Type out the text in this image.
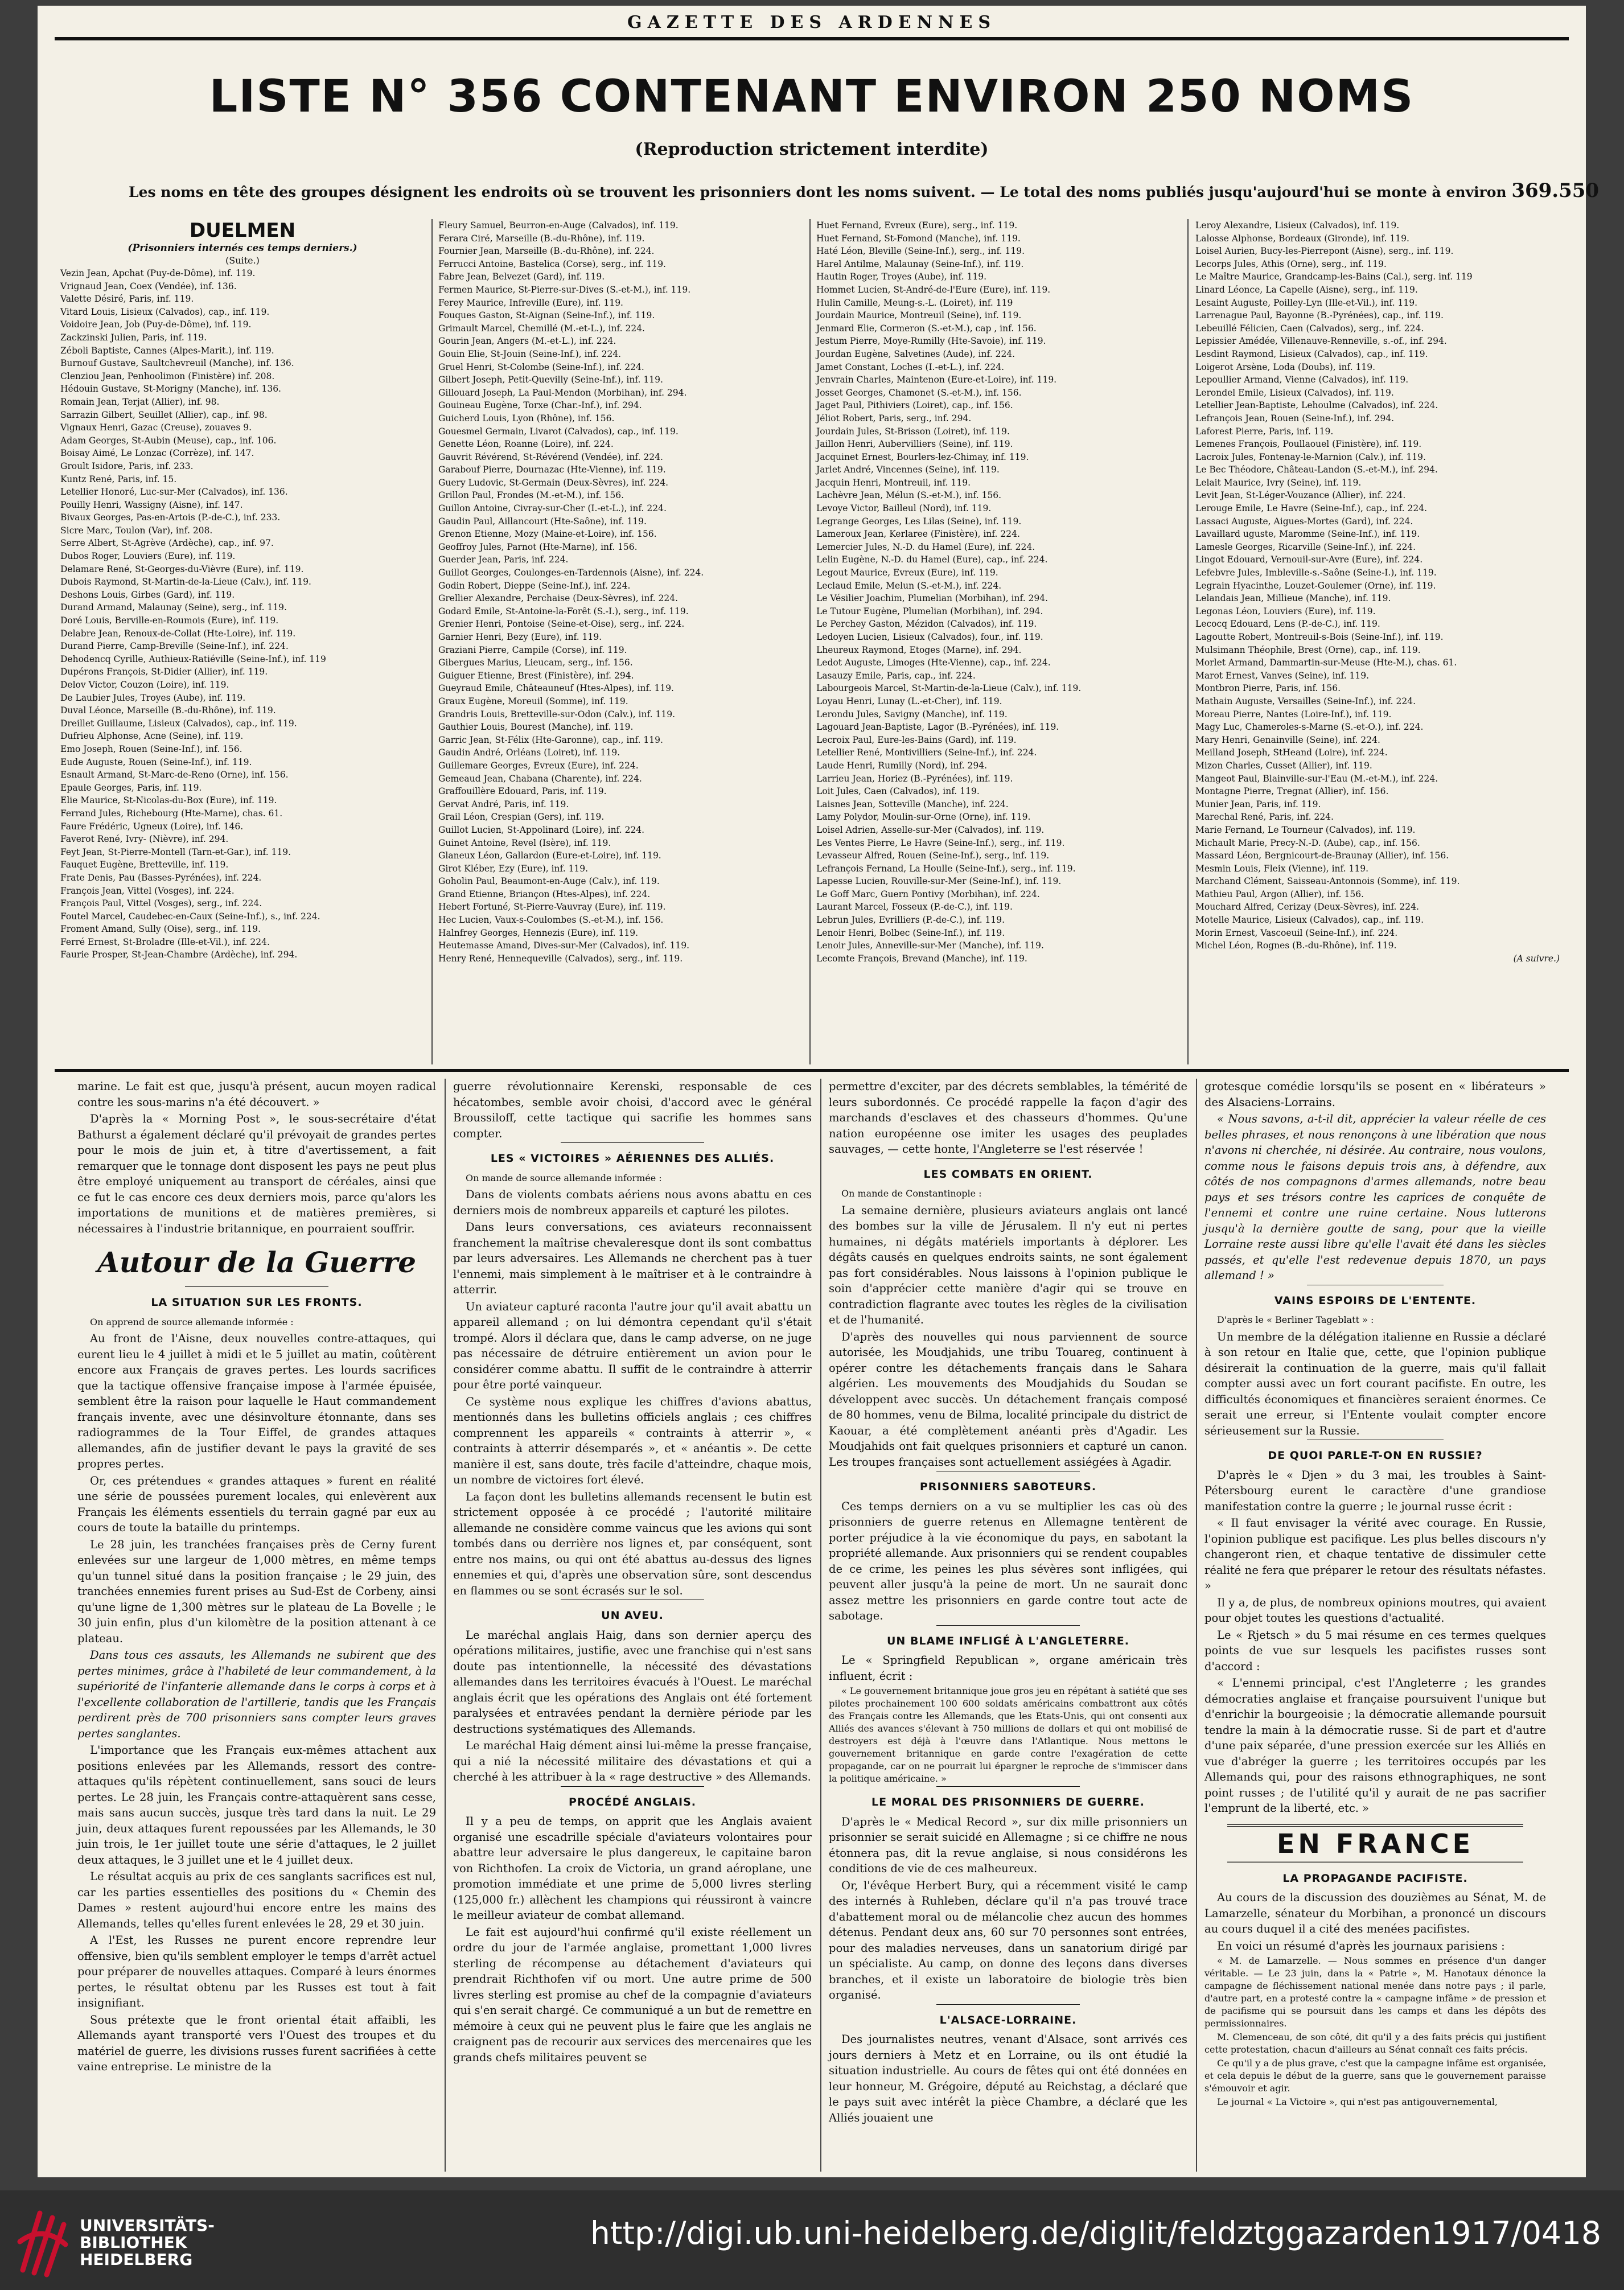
GAZETTE DES ARDENNES
LISTE N° 356 CONTENANT ENVIRON 250 NOMS
(Reproduction strictement interdite)
Les noms en tête des groupes désignent les endroits où se trouvent les prisonniers dont les noms suivent. — Le total des noms publiés jusqu'aujourd'hui se monte à environ 369.550
DUELMEN
(Prisonniers internés ces temps derniers.)
(Suite.)
Vezin Jean, Apchat (Puy-de-Dôme), inf. 119.
Vrignaud Jean, Coex (Vendée), inf. 136.
Valette Désiré, Paris, inf. 119.
Vitard Louis, Lisieux (Calvados), cap., inf. 119.
Voidoire Jean, Job (Puy-de-Dôme), inf. 119.
Zackzinski Julien, Paris, inf. 119.
Zéboli Baptiste, Cannes (Alpes-Marit.), inf. 119.
Burnouf Gustave, Saultchevreuil (Manche), inf. 136.
Clenziou Jean, Penhoolimon (Finistère) inf. 208.
Hédouin Gustave, St-Morigny (Manche), inf. 136.
Romain Jean, Terjat (Allier), inf. 98.
Sarrazin Gilbert, Seuillet (Allier), cap., inf. 98.
Vignaux Henri, Gazac (Creuse), zouaves 9.
Adam Georges, St-Aubin (Meuse), cap., inf. 106.
Boisay Aimé, Le Lonzac (Corrèze), inf. 147.
Groult Isidore, Paris, inf. 233.
Kuntz René, Paris, inf. 15.
Letellier Honoré, Luc-sur-Mer (Calvados), inf. 136.
Pouilly Henri, Wassigny (Aisne), inf. 147.
Bivaux Georges, Pas-en-Artois (P.-de-C.), inf. 233.
Sicre Marc, Toulon (Var), inf. 208.
Serre Albert, St-Agrève (Ardèche), cap., inf. 97.
Dubos Roger, Louviers (Eure), inf. 119.
Delamare René, St-Georges-du-Vièvre (Eure), inf. 119.
Dubois Raymond, St-Martin-de-la-Lieue (Calv.), inf. 119.
Deshons Louis, Girbes (Gard), inf. 119.
Durand Armand, Malaunay (Seine), serg., inf. 119.
Doré Louis, Berville-en-Roumois (Eure), inf. 119.
Delabre Jean, Renoux-de-Collat (Hte-Loire), inf. 119.
Durand Pierre, Camp-Breville (Seine-Inf.), inf. 224.
Dehodencq Cyrille, Authieux-Ratiéville (Seine-Inf.), inf. 119
Dupérons François, St-Didier (Allier), inf. 119.
Delov Victor, Couzon (Loire), inf. 119.
De Laubier Jules, Troyes (Aube), inf. 119.
Duval Léonce, Marseille (B.-du-Rhône), inf. 119.
Dreillet Guillaume, Lisieux (Calvados), cap., inf. 119.
Dufrieu Alphonse, Acne (Seine), inf. 119.
Emo Joseph, Rouen (Seine-Inf.), inf. 156.
Eude Auguste, Rouen (Seine-Inf.), inf. 119.
Esnault Armand, St-Marc-de-Reno (Orne), inf. 156.
Epaule Georges, Paris, inf. 119.
Elie Maurice, St-Nicolas-du-Box (Eure), inf. 119.
Ferrand Jules, Richebourg (Hte-Marne), chas. 61.
Faure Frédéric, Ugneux (Loire), inf. 146.
Faverot René, Ivry- (Nièvre), inf. 294.
Feyt Jean, St-Pierre-Montell (Tarn-et-Gar.), inf. 119.
Fauquet Eugène, Bretteville, inf. 119.
Frate Denis, Pau (Basses-Pyrénées), inf. 224.
François Jean, Vittel (Vosges), inf. 224.
François Paul, Vittel (Vosges), serg., inf. 224.
Foutel Marcel, Caudebec-en-Caux (Seine-Inf.), s., inf. 224.
Froment Amand, Sully (Oise), serg., inf. 119.
Ferré Ernest, St-Broladre (Ille-et-Vil.), inf. 224.
Faurie Prosper, St-Jean-Chambre (Ardèche), inf. 294.
Fleury Samuel, Beurron-en-Auge (Calvados), inf. 119.
Ferara Ciré, Marseille (B.-du-Rhône), inf. 119.
Fournier Jean, Marseille (B.-du-Rhône), inf. 224.
Ferrucci Antoine, Bastelica (Corse), serg., inf. 119.
Fabre Jean, Belvezet (Gard), inf. 119.
Fermen Maurice, St-Pierre-sur-Dives (S.-et-M.), inf. 119.
Ferey Maurice, Infreville (Eure), inf. 119.
Fouques Gaston, St-Aignan (Seine-Inf.), inf. 119.
Grimault Marcel, Chemillé (M.-et-L.), inf. 224.
Gourin Jean, Angers (M.-et-L.), inf. 224.
Gouin Elie, St-Jouin (Seine-Inf.), inf. 224.
Gruel Henri, St-Colombe (Seine-Inf.), inf. 224.
Gilbert Joseph, Petit-Quevilly (Seine-Inf.), inf. 119.
Gillouard Joseph, La Paul-Mendon (Morbihan), inf. 294.
Gouineau Eugène, Torxe (Char.-Inf.), inf. 294.
Guicherd Louis, Lyon (Rhône), inf. 156.
Gouesmel Germain, Livarot (Calvados), cap., inf. 119.
Genette Léon, Roanne (Loire), inf. 224.
Gauvrit Révérend, St-Révérend (Vendée), inf. 224.
Garabouf Pierre, Dournazac (Hte-Vienne), inf. 119.
Guery Ludovic, St-Germain (Deux-Sèvres), inf. 224.
Grillon Paul, Frondes (M.-et-M.), inf. 156.
Guillon Antoine, Civray-sur-Cher (I.-et-L.), inf. 224.
Gaudin Paul, Aillancourt (Hte-Saône), inf. 119.
Grenon Etienne, Mozy (Maine-et-Loire), inf. 156.
Geoffroy Jules, Parnot (Hte-Marne), inf. 156.
Guerder Jean, Paris, inf. 224.
Guillot Georges, Coulonges-en-Tardennois (Aisne), inf. 224.
Godin Robert, Dieppe (Seine-Inf.), inf. 224.
Grellier Alexandre, Perchaise (Deux-Sèvres), inf. 224.
Godard Emile, St-Antoine-la-Forêt (S.-I.), serg., inf. 119.
Grenier Henri, Pontoise (Seine-et-Oise), serg., inf. 224.
Garnier Henri, Bezy (Eure), inf. 119.
Graziani Pierre, Campile (Corse), inf. 119.
Gibergues Marius, Lieucam, serg., inf. 156.
Guiguer Etienne, Brest (Finistère), inf. 294.
Gueyraud Emile, Châteauneuf (Htes-Alpes), inf. 119.
Graux Eugène, Moreuil (Somme), inf. 119.
Grandris Louis, Bretteville-sur-Odon (Calv.), inf. 119.
Gauthier Louis, Bourest (Manche), inf. 119.
Garric Jean, St-Félix (Hte-Garonne), cap., inf. 119.
Gaudin André, Orléans (Loiret), inf. 119.
Guillemare Georges, Evreux (Eure), inf. 224.
Gemeaud Jean, Chabana (Charente), inf. 224.
Graffouillère Edouard, Paris, inf. 119.
Gervat André, Paris, inf. 119.
Grail Léon, Crespian (Gers), inf. 119.
Guillot Lucien, St-Appolinard (Loire), inf. 224.
Guinet Antoine, Revel (Isère), inf. 119.
Glaneux Léon, Gallardon (Eure-et-Loire), inf. 119.
Girot Kléber, Ezy (Eure), inf. 119.
Goholin Paul, Beaumont-en-Auge (Calv.), inf. 119.
Grand Etienne, Briançon (Htes-Alpes), inf. 224.
Hebert Fortuné, St-Pierre-Vauvray (Eure), inf. 119.
Hec Lucien, Vaux-s-Coulombes (S.-et-M.), inf. 156.
Halnfrey Georges, Hennezis (Eure), inf. 119.
Heutemasse Amand, Dives-sur-Mer (Calvados), inf. 119.
Henry René, Hennequeville (Calvados), serg., inf. 119.
Huet Fernand, Evreux (Eure), serg., inf. 119.
Huet Fernand, St-Fomond (Manche), inf. 119.
Haté Léon, Bleville (Seine-Inf.), serg., inf. 119.
Harel Antilme, Malaunay (Seine-Inf.), inf. 119.
Hautin Roger, Troyes (Aube), inf. 119.
Hommet Lucien, St-André-de-l'Eure (Eure), inf. 119.
Hulin Camille, Meung-s.-L. (Loiret), inf. 119
Jourdain Maurice, Montreuil (Seine), inf. 119.
Jenmard Elie, Cormeron (S.-et-M.), cap , inf. 156.
Jestum Pierre, Moye-Rumilly (Hte-Savoie), inf. 119.
Jourdan Eugène, Salvetines (Aude), inf. 224.
Jamet Constant, Loches (I.-et-L.), inf. 224.
Jenvrain Charles, Maintenon (Eure-et-Loire), inf. 119.
Josset Georges, Chamonet (S.-et-M.), inf. 156.
Jaget Paul, Pithiviers (Loiret), cap., inf. 156.
Jéliot Robert, Paris, serg., inf. 294.
Jourdain Jules, St-Brisson (Loiret), inf. 119.
Jaillon Henri, Aubervilliers (Seine), inf. 119.
Jacquinet Ernest, Bourlers-lez-Chimay, inf. 119.
Jarlet André, Vincennes (Seine), inf. 119.
Jacquin Henri, Montreuil, inf. 119.
Lachèvre Jean, Mélun (S.-et-M.), inf. 156.
Levoye Victor, Bailleul (Nord), inf. 119.
Legrange Georges, Les Lilas (Seine), inf. 119.
Lameroux Jean, Kerlaree (Finistère), inf. 224.
Lemercier Jules, N.-D. du Hamel (Eure), inf. 224.
Lelin Eugène, N.-D. du Hamel (Eure), cap., inf. 224.
Legout Maurice, Evreux (Eure), inf. 119.
Leclaud Emile, Melun (S.-et-M.), inf. 224.
Le Vésilier Joachim, Plumelian (Morbihan), inf. 294.
Le Tutour Eugène, Plumelian (Morbihan), inf. 294.
Le Perchey Gaston, Mézidon (Calvados), inf. 119.
Ledoyen Lucien, Lisieux (Calvados), four., inf. 119.
Lheureux Raymond, Etoges (Marne), inf. 294.
Ledot Auguste, Limoges (Hte-Vienne), cap., inf. 224.
Lasauzy Emile, Paris, cap., inf. 224.
Labourgeois Marcel, St-Martin-de-la-Lieue (Calv.), inf. 119.
Loyau Henri, Lunay (L.-et-Cher), inf. 119.
Lerondu Jules, Savigny (Manche), inf. 119.
Lagouard Jean-Baptiste, Lagor (B.-Pyrénées), inf. 119.
Lecroix Paul, Eure-les-Bains (Gard), inf. 119.
Letellier René, Montivilliers (Seine-Inf.), inf. 224.
Laude Henri, Rumilly (Nord), inf. 294.
Larrieu Jean, Horiez (B.-Pyrénées), inf. 119.
Loit Jules, Caen (Calvados), inf. 119.
Laisnes Jean, Sotteville (Manche), inf. 224.
Lamy Polydor, Moulin-sur-Orne (Orne), inf. 119.
Loisel Adrien, Asselle-sur-Mer (Calvados), inf. 119.
Les Ventes Pierre, Le Havre (Seine-Inf.), serg., inf. 119.
Levasseur Alfred, Rouen (Seine-Inf.), serg., inf. 119.
Lefrançois Fernand, La Houlle (Seine-Inf.), serg., inf. 119.
Lapesse Lucien, Rouville-sur-Mer (Seine-Inf.), inf. 119.
Le Goff Marc, Guern Pontivy (Morbihan), inf. 224.
Laurant Marcel, Fosseux (P.-de-C.), inf. 119.
Lebrun Jules, Evrilliers (P.-de-C.), inf. 119.
Lenoir Henri, Bolbec (Seine-Inf.), inf. 119.
Lenoir Jules, Anneville-sur-Mer (Manche), inf. 119.
Lecomte François, Brevand (Manche), inf. 119.
Leroy Alexandre, Lisieux (Calvados), inf. 119.
Lalosse Alphonse, Bordeaux (Gironde), inf. 119.
Loisel Aurien, Bucy-les-Pierrepont (Aisne), serg., inf. 119.
Lecorps Jules, Athis (Orne), serg., inf. 119.
Le Maître Maurice, Grandcamp-les-Bains (Cal.), serg. inf. 119
Linard Léonce, La Capelle (Aisne), serg., inf. 119.
Lesaint Auguste, Poilley-Lyn (Ille-et-Vil.), inf. 119.
Larrenague Paul, Bayonne (B.-Pyrénées), cap., inf. 119.
Lebeuillé Félicien, Caen (Calvados), serg., inf. 224.
Lepissier Amédée, Villenauve-Renneville, s.-of., inf. 294.
Lesdint Raymond, Lisieux (Calvados), cap., inf. 119.
Loigerot Arsène, Loda (Doubs), inf. 119.
Lepoullier Armand, Vienne (Calvados), inf. 119.
Lerondel Emile, Lisieux (Calvados), inf. 119.
Letellier Jean-Baptiste, Lehoulme (Calvados), inf. 224.
Lefrançois Jean, Rouen (Seine-Inf.), inf. 294.
Laforest Pierre, Paris, inf. 119.
Lemenes François, Poullaouel (Finistère), inf. 119.
Lacroix Jules, Fontenay-le-Marnion (Calv.), inf. 119.
Le Bec Théodore, Château-Landon (S.-et-M.), inf. 294.
Lelait Maurice, Ivry (Seine), inf. 119.
Levit Jean, St-Léger-Vouzance (Allier), inf. 224.
Lerouge Emile, Le Havre (Seine-Inf.), cap., inf. 224.
Lassaci Auguste, Aigues-Mortes (Gard), inf. 224.
Lavaillard uguste, Maromme (Seine-Inf.), inf. 119.
Lamesle Georges, Ricarville (Seine-Inf.), inf. 224.
Lingot Edouard, Vernouil-sur-Avre (Eure), inf. 224.
Lefebvre Jules, Imbleville-s.-Saône (Seine-I.), inf. 119.
Legrain Hyacinthe, Louzet-Goulemer (Orne), inf. 119.
Lelandais Jean, Millieue (Manche), inf. 119.
Legonas Léon, Louviers (Eure), inf. 119.
Lecocq Edouard, Lens (P.-de-C.), inf. 119.
Lagoutte Robert, Montreuil-s-Bois (Seine-Inf.), inf. 119.
Mulsimann Théophile, Brest (Orne), cap., inf. 119.
Morlet Armand, Dammartin-sur-Meuse (Hte-M.), chas. 61.
Marot Ernest, Vanves (Seine), inf. 119.
Montbron Pierre, Paris, inf. 156.
Mathain Auguste, Versailles (Seine-Inf.), inf. 224.
Moreau Pierre, Nantes (Loire-Inf.), inf. 119.
Magy Luc, Chameroles-s-Marne (S.-et-O.), inf. 224.
Mary Henri, Genainville (Seine), inf. 224.
Meilland Joseph, StHeand (Loire), inf. 224.
Mizon Charles, Cusset (Allier), inf. 119.
Mangeot Paul, Blainville-sur-l'Eau (M.-et-M.), inf. 224.
Montagne Pierre, Tregnat (Allier), inf. 156.
Munier Jean, Paris, inf. 119.
Marechal René, Paris, inf. 224.
Marie Fernand, Le Tourneur (Calvados), inf. 119.
Michault Marie, Precy-N.-D. (Aube), cap., inf. 156.
Massard Léon, Bergnicourt-de-Braunay (Allier), inf. 156.
Mesmin Louis, Fleix (Vienne), inf. 119.
Marchand Clément, Saisseau-Antonnois (Somme), inf. 119.
Mathieu Paul, Argon (Allier), inf. 156.
Mouchard Alfred, Cerizay (Deux-Sèvres), inf. 224.
Motelle Maurice, Lisieux (Calvados), cap., inf. 119.
Morin Ernest, Vascoeuil (Seine-Inf.), inf. 224.
Michel Léon, Rognes (B.-du-Rhône), inf. 119.
(A suivre.)

marine. Le fait est que, jusqu'à présent, aucun moyen radical contre les sous-marins n'a été découvert. »

D'après la « Morning Post », le sous-secrétaire d'état Bathurst a également déclaré qu'il prévoyait de grandes pertes pour le mois de juin et, à titre d'avertissement, a fait remarquer que le tonnage dont disposent les pays ne peut plus être employé uniquement au transport de céréales, ainsi que ce fut le cas encore ces deux derniers mois, parce qu'alors les importations de munitions et de matières premières, si nécessaires à l'industrie britannique, en pourraient souffrir.

Autour de la Guerre
LA SITUATION SUR LES FRONTS.
On apprend de source allemande informée :

Au front de l'Aisne, deux nouvelles contre-attaques, qui eurent lieu le 4 juillet à midi et le 5 juillet au matin, coûtèrent encore aux Français de graves pertes. Les lourds sacrifices que la tactique offensive française impose à l'armée épuisée, semblent être la raison pour laquelle le Haut commandement français invente, avec une désinvolture étonnante, dans ses radiogrammes de la Tour Eiffel, de grandes attaques allemandes, afin de justifier devant le pays la gravité de ses propres pertes.

Or, ces prétendues « grandes attaques » furent en réalité une série de poussées purement locales, qui enlevèrent aux Français les éléments essentiels du terrain gagné par eux au cours de toute la bataille du printemps.

Le 28 juin, les tranchées françaises près de Cerny furent enlevées sur une largeur de 1,000 mètres, en même temps qu'un tunnel situé dans la position française ; le 29 juin, des tranchées ennemies furent prises au Sud-Est de Corbeny, ainsi qu'une ligne de 1,300 mètres sur le plateau de La Bovelle ; le 30 juin enfin, plus d'un kilomètre de la position attenant à ce plateau.

Dans tous ces assauts, les Allemands ne subirent que des pertes minimes, grâce à l'habileté de leur commandement, à la supériorité de l'infanterie allemande dans le corps à corps et à l'excellente collaboration de l'artillerie, tandis que les Français perdirent près de 700 prisonniers sans compter leurs graves pertes sanglantes.

L'importance que les Français eux-mêmes attachent aux positions enlevées par les Allemands, ressort des contre-attaques qu'ils répètent continuellement, sans souci de leurs pertes. Le 28 juin, les Français contre-attaquèrent sans cesse, mais sans aucun succès, jusque très tard dans la nuit. Le 29 juin, deux attaques furent repoussées par les Allemands, le 30 juin trois, le 1er juillet toute une série d'attaques, le 2 juillet deux attaques, le 3 juillet une et le 4 juillet deux.

Le résultat acquis au prix de ces sanglants sacrifices est nul, car les parties essentielles des positions du « Chemin des Dames » restent aujourd'hui encore entre les mains des Allemands, telles qu'elles furent enlevées le 28, 29 et 30 juin.

A l'Est, les Russes ne purent encore reprendre leur offensive, bien qu'ils semblent employer le temps d'arrêt actuel pour préparer de nouvelles attaques. Comparé à leurs énormes pertes, le résultat obtenu par les Russes est tout à fait insignifiant.

Sous prétexte que le front oriental était affaibli, les Allemands ayant transporté vers l'Ouest des troupes et du matériel de guerre, les divisions russes furent sacrifiées à cette vaine entreprise. Le ministre de la

guerre révolutionnaire Kerenski, responsable de ces hécatombes, semble avoir choisi, d'accord avec le général Broussiloff, cette tactique qui sacrifie les hommes sans compter.

LES « VICTOIRES » AÉRIENNES DES ALLIÉS.
On mande de source allemande informée :

Dans de violents combats aériens nous avons abattu en ces derniers mois de nombreux appareils et capturé les pilotes.

Dans leurs conversations, ces aviateurs reconnaissent franchement la maîtrise chevaleresque dont ils sont combattus par leurs adversaires. Les Allemands ne cherchent pas à tuer l'ennemi, mais simplement à le maîtriser et à le contraindre à atterrir.

Un aviateur capturé raconta l'autre jour qu'il avait abattu un appareil allemand ; on lui démontra cependant qu'il s'était trompé. Alors il déclara que, dans le camp adverse, on ne juge pas nécessaire de détruire entièrement un avion pour le considérer comme abattu. Il suffit de le contraindre à atterrir pour être porté vainqueur.

Ce système nous explique les chiffres d'avions abattus, mentionnés dans les bulletins officiels anglais ; ces chiffres comprennent les appareils « contraints à atterrir », « contraints à atterrir désemparés », et « anéantis ». De cette manière il est, sans doute, très facile d'atteindre, chaque mois, un nombre de victoires fort élevé.

La façon dont les bulletins allemands recensent le butin est strictement opposée à ce procédé ; l'autorité militaire allemande ne considère comme vaincus que les avions qui sont tombés dans ou derrière nos lignes et, par conséquent, sont entre nos mains, ou qui ont été abattus au-dessus des lignes ennemies et qui, d'après une observation sûre, sont descendus en flammes ou se sont écrasés sur le sol.

UN AVEU.

Le maréchal anglais Haig, dans son dernier aperçu des opérations militaires, justifie, avec une franchise qui n'est sans doute pas intentionnelle, la nécessité des dévastations allemandes dans les territoires évacués à l'Ouest. Le maréchal anglais écrit que les opérations des Anglais ont été fortement paralysées et entravées pendant la dernière période par les destructions systématiques des Allemands.

Le maréchal Haig dément ainsi lui-même la presse française, qui a nié la nécessité militaire des dévastations et qui a cherché à les attribuer à la « rage destructive » des Allemands.

PROCÉDÉ ANGLAIS.

Il y a peu de temps, on apprit que les Anglais avaient organisé une escadrille spéciale d'aviateurs volontaires pour abattre leur adversaire le plus dangereux, le capitaine baron von Richthofen. La croix de Victoria, un grand aéroplane, une promotion immédiate et une prime de 5,000 livres sterling (125,000 fr.) allèchent les champions qui réussiront à vaincre le meilleur aviateur de combat allemand.

Le fait est aujourd'hui confirmé qu'il existe réellement un ordre du jour de l'armée anglaise, promettant 1,000 livres sterling de récompense au détachement d'aviateurs qui prendrait Richthofen vif ou mort. Une autre prime de 500 livres sterling est promise au chef de la compagnie d'aviateurs qui s'en serait chargé. Ce communiqué a un but de remettre en mémoire à ceux qui ne peuvent plus le faire que les anglais ne craignent pas de recourir aux services des mercenaires que les grands chefs militaires peuvent se

permettre d'exciter, par des décrets semblables, la témérité de leurs subordonnés. Ce procédé rappelle la façon d'agir des marchands d'esclaves et des chasseurs d'hommes. Qu'une nation européenne ose imiter les usages des peuplades sauvages, — cette honte, l'Angleterre se l'est réservée !

LES COMBATS EN ORIENT.
On mande de Constantinople :

La semaine dernière, plusieurs aviateurs anglais ont lancé des bombes sur la ville de Jérusalem. Il n'y eut ni pertes humaines, ni dégâts matériels importants à déplorer. Les dégâts causés en quelques endroits saints, ne sont également pas fort considérables. Nous laissons à l'opinion publique le soin d'apprécier cette manière d'agir qui se trouve en contradiction flagrante avec toutes les règles de la civilisation et de l'humanité.

D'après des nouvelles qui nous parviennent de source autorisée, les Moudjahids, une tribu Touareg, continuent à opérer contre les détachements français dans le Sahara algérien. Les mouvements des Moudjahids du Soudan se développent avec succès. Un détachement français composé de 80 hommes, venu de Bilma, localité principale du district de Kaouar, a été complètement anéanti près d'Agadir. Les Moudjahids ont fait quelques prisonniers et capturé un canon. Les troupes françaises sont actuellement assiégées à Agadir.

PRISONNIERS SABOTEURS.

Ces temps derniers on a vu se multiplier les cas où des prisonniers de guerre retenus en Allemagne tentèrent de porter préjudice à la vie économique du pays, en sabotant la propriété allemande. Aux prisonniers qui se rendent coupables de ce crime, les peines les plus sévères sont infligées, qui peuvent aller jusqu'à la peine de mort. Un ne saurait donc assez mettre les prisonniers en garde contre tout acte de sabotage.

UN BLAME INFLIGÉ À L'ANGLETERRE.

Le « Springfield Republican », organe américain très influent, écrit :

« Le gouvernement britannique joue gros jeu en répétant à satiété que ses pilotes prochainement 100 600 soldats américains combattront aux côtés des Français contre les Allemands, que les Etats-Unis, qui ont consenti aux Alliés des avances s'élevant à 750 millions de dollars et qui ont mobilisé de destroyers est déjà à l'œuvre dans l'Atlantique. Nous mettons le gouvernement britannique en garde contre l'exagération de cette propagande, car on ne pourrait lui épargner le reproche de s'immiscer dans la politique américaine. »

LE MORAL DES PRISONNIERS DE GUERRE.

D'après le « Medical Record », sur dix mille prisonniers un prisonnier se serait suicidé en Allemagne ; si ce chiffre ne nous étonnera pas, dit la revue anglaise, si nous considérons les conditions de vie de ces malheureux.

Or, l'évêque Herbert Bury, qui a récemment visité le camp des internés à Ruhleben, déclare qu'il n'a pas trouvé trace d'abattement moral ou de mélancolie chez aucun des hommes détenus. Pendant deux ans, 60 sur 70 personnes sont entrées, pour des maladies nerveuses, dans un sanatorium dirigé par un spécialiste. Au camp, on donne des leçons dans diverses branches, et il existe un laboratoire de biologie très bien organisé.

L'ALSACE-LORRAINE.

Des journalistes neutres, venant d'Alsace, sont arrivés ces jours derniers à Metz et en Lorraine, ou ils ont étudié la situation industrielle. Au cours de fêtes qui ont été données en leur honneur, M. Grégoire, député au Reichstag, a déclaré que le pays suit avec intérêt la pièce Chambre, a déclaré que les Alliés jouaient une

grotesque comédie lorsqu'ils se posent en « libérateurs » des Alsaciens-Lorrains.

« Nous savons, a-t-il dit, apprécier la valeur réelle de ces belles phrases, et nous renonçons à une libération que nous n'avons ni cherchée, ni désirée. Au contraire, nous voulons, comme nous le faisons depuis trois ans, à défendre, aux côtés de nos compagnons d'armes allemands, notre beau pays et ses trésors contre les caprices de conquête de l'ennemi et contre une ruine certaine. Nous lutterons jusqu'à la dernière goutte de sang, pour que la vieille Lorraine reste aussi libre qu'elle l'avait été dans les siècles passés, et qu'elle l'est redevenue depuis 1870, un pays allemand ! »

VAINS ESPOIRS DE L'ENTENTE.
D'après le « Berliner Tageblatt » :

Un membre de la délégation italienne en Russie a déclaré à son retour en Italie que, cette, que l'opinion publique désirerait la continuation de la guerre, mais qu'il fallait compter aussi avec un fort courant pacifiste. En outre, les difficultés économiques et financières seraient énormes. Ce serait une erreur, si l'Entente voulait compter encore sérieusement sur la Russie.

DE QUOI PARLE-T-ON EN RUSSIE?

D'après le « Djen » du 3 mai, les troubles à Saint-Pétersbourg eurent le caractère d'une grandiose manifestation contre la guerre ; le journal russe écrit :

« Il faut envisager la vérité avec courage. En Russie, l'opinion publique est pacifique. Les plus belles discours n'y changeront rien, et chaque tentative de dissimuler cette réalité ne fera que préparer le retour des résultats néfastes. »

Il y a, de plus, de nombreux opinions moutres, qui avaient pour objet toutes les questions d'actualité.

Le « Rjetsch » du 5 mai résume en ces termes quelques points de vue sur lesquels les pacifistes russes sont d'accord :

« L'ennemi principal, c'est l'Angleterre ; les grandes démocraties anglaise et française poursuivent l'unique but d'enrichir la bourgeoisie ; la démocratie allemande poursuit tendre la main à la démocratie russe. Si de part et d'autre d'une paix séparée, d'une pression exercée sur les Alliés en vue d'abréger la guerre ; les territoires occupés par les Allemands qui, pour des raisons ethnographiques, ne sont point russes ; de l'utilité qu'il y aurait de ne pas sacrifier l'emprunt de la liberté, etc. »

EN FRANCE
LA PROPAGANDE PACIFISTE.

Au cours de la discussion des douzièmes au Sénat, M. de Lamarzelle, sénateur du Morbihan, a prononcé un discours au cours duquel il a cité des menées pacifistes.

En voici un résumé d'après les journaux parisiens :

« M. de Lamarzelle. — Nous sommes en présence d'un danger véritable. — Le 23 juin, dans la « Patrie », M. Hanotaux dénonce la campagne de fléchissement national menée dans notre pays ; il parle, d'autre part, en a protesté contre la « campagne infâme » de pression et de pacifisme qui se poursuit dans les camps et dans les dépôts des permissionnaires.

M. Clemenceau, de son côté, dit qu'il y a des faits précis qui justifient cette protestation, chacun d'ailleurs au Sénat connaît ces faits précis.

Ce qu'il y a de plus grave, c'est que la campagne infâme est organisée, et cela depuis le début de la guerre, sans que le gouvernement paraisse s'émouvoir et agir.

Le journal « La Victoire », qui n'est pas antigouvernemental,

UNIVERSITÄTS-
BIBLIOTHEK
HEIDELBERG
http://digi.ub.uni-heidelberg.de/diglit/feldztggazarden1917/0418
